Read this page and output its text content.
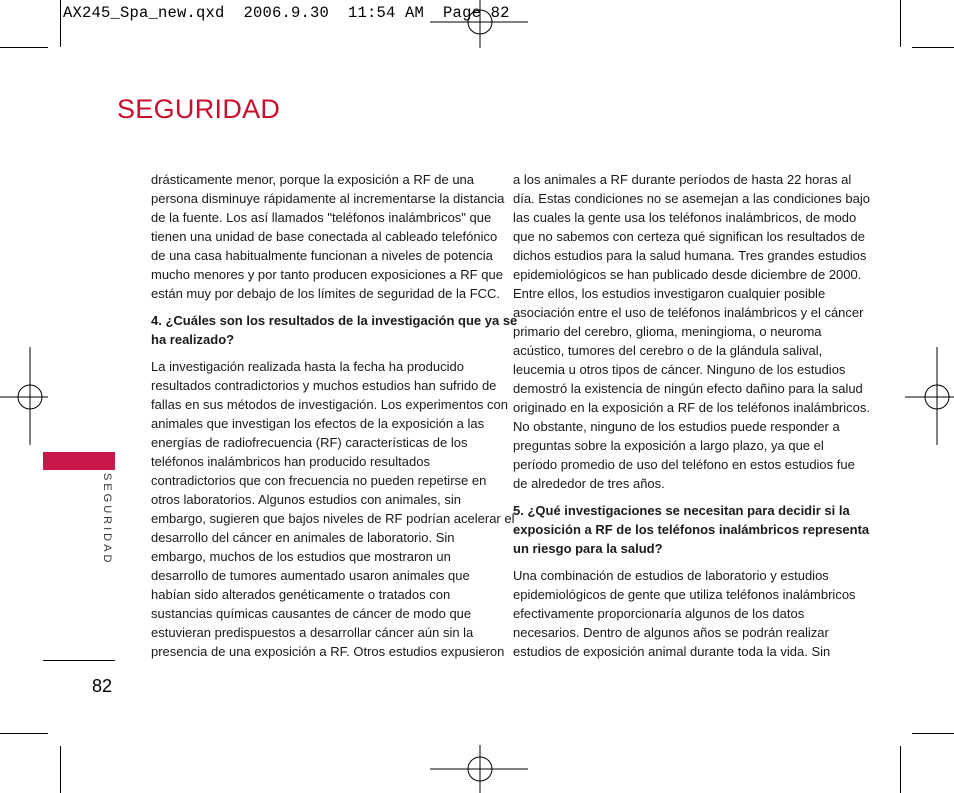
AX245_Spa_new.qxd  2006.9.30  11:54 AM  Page 82
SEGURIDAD
SEGURIDAD
82

drásticamente menor, porque la exposición a RF de una
persona disminuye rápidamente al incrementarse la distancia
de la fuente. Los así llamados "teléfonos inalámbricos" que
tienen una unidad de base conectada al cableado telefónico
de una casa habitualmente funcionan a niveles de potencia
mucho menores y por tanto producen exposiciones a RF que
están muy por debajo de los límites de seguridad de la FCC.

4. ¿Cuáles son los resultados de la investigación que ya se
ha realizado?

La investigación realizada hasta la fecha ha producido
resultados contradictorios y muchos estudios han sufrido de
fallas en sus métodos de investigación. Los experimentos con
animales que investigan los efectos de la exposición a las
energías de radiofrecuencia (RF) características de los
teléfonos inalámbricos han producido resultados
contradictorios que con frecuencia no pueden repetirse en
otros laboratorios. Algunos estudios con animales, sin
embargo, sugieren que bajos niveles de RF podrían acelerar el
desarrollo del cáncer en animales de laboratorio. Sin
embargo, muchos de los estudios que mostraron un
desarrollo de tumores aumentado usaron animales que
habían sido alterados genéticamente o tratados con
sustancias químicas causantes de cáncer de modo que
estuvieran predispuestos a desarrollar cáncer aún sin la
presencia de una exposición a RF. Otros estudios expusieron

a los animales a RF durante períodos de hasta 22 horas al
día. Estas condiciones no se asemejan a las condiciones bajo
las cuales la gente usa los teléfonos inalámbricos, de modo
que no sabemos con certeza qué significan los resultados de
dichos estudios para la salud humana. Tres grandes estudios
epidemiológicos se han publicado desde diciembre de 2000.
Entre ellos, los estudios investigaron cualquier posible
asociación entre el uso de teléfonos inalámbricos y el cáncer
primario del cerebro, glioma, meningioma, o neuroma
acústico, tumores del cerebro o de la glándula salival,
leucemia u otros tipos de cáncer. Ninguno de los estudios
demostró la existencia de ningún efecto dañino para la salud
originado en la exposición a RF de los teléfonos inalámbricos.
No obstante, ninguno de los estudios puede responder a
preguntas sobre la exposición a largo plazo, ya que el
período promedio de uso del teléfono en estos estudios fue
de alrededor de tres años.

5. ¿Qué investigaciones se necesitan para decidir si la
exposición a RF de los teléfonos inalámbricos representa
un riesgo para la salud?

Una combinación de estudios de laboratorio y estudios
epidemiológicos de gente que utiliza teléfonos inalámbricos
efectivamente proporcionaría algunos de los datos
necesarios. Dentro de algunos años se podrán realizar
estudios de exposición animal durante toda la vida. Sin
